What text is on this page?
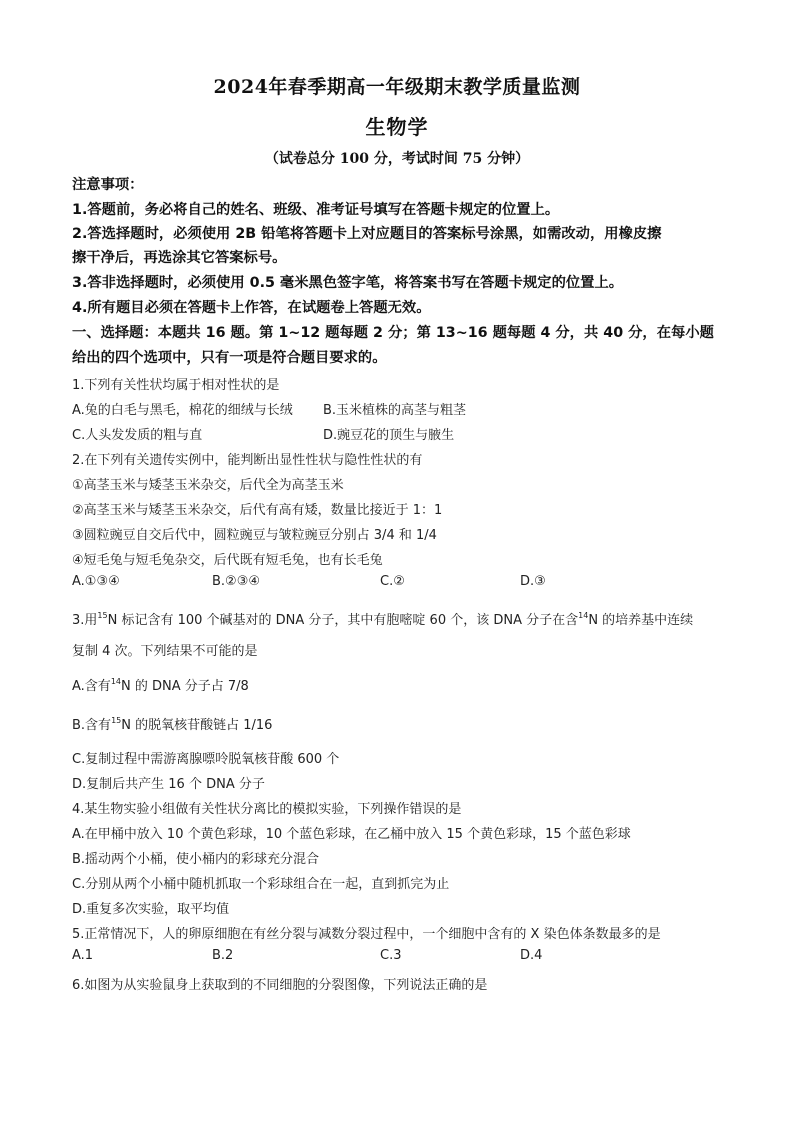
2024年春季期高一年级期末教学质量监测
生物学
（试卷总分 100 分，考试时间 75 分钟）
注意事项：
1.答题前，务必将自己的姓名、班级、准考证号填写在答题卡规定的位置上。
2.答选择题时，必须使用 2B 铅笔将答题卡上对应题目的答案标号涂黑，如需改动，用橡皮擦
擦干净后，再选涂其它答案标号。
3.答非选择题时，必须使用 0.5 毫米黑色签字笔，将答案书写在答题卡规定的位置上。
4.所有题目必须在答题卡上作答，在试题卷上答题无效。
一、选择题：本题共 16 题。第 1~12 题每题 2 分；第 13~16 题每题 4 分，共 40 分，在每小题
给出的四个选项中，只有一项是符合题目要求的。
1.下列有关性状均属于相对性状的是
A.兔的白毛与黑毛，棉花的细绒与长绒 B.玉米植株的高茎与粗茎
C.人头发发质的粗与直	D.豌豆花的顶生与腋生
2.在下列有关遗传实例中，能判断出显性性状与隐性性状的有
①高茎玉米与矮茎玉米杂交，后代全为高茎玉米
②高茎玉米与矮茎玉米杂交，后代有高有矮，数量比接近于 1：1
③圆粒豌豆自交后代中，圆粒豌豆与皱粒豌豆分别占 3/4 和 1/4
④短毛兔与短毛兔杂交，后代既有短毛兔，也有长毛兔
A.①③④	B.②③④	C.②	D.③
3.用$^{15}$N 标记含有 100 个碱基对的 DNA 分子，其中有胞嘧啶 60 个，该 DNA 分子在含$^{14}$N 的培养基中连续
复制 4 次。下列结果不可能的是
A.含有$^{14}$N 的 DNA 分子占 7/8
B.含有$^{15}$N 的脱氧核苷酸链占 1/16
C.复制过程中需游离腺嘌呤脱氧核苷酸 600 个
D.复制后共产生 16 个 DNA 分子
4.某生物实验小组做有关性状分离比的模拟实验，下列操作错误的是
A.在甲桶中放入 10 个黄色彩球，10 个蓝色彩球，在乙桶中放入 15 个黄色彩球，15 个蓝色彩球
B.摇动两个小桶，使小桶内的彩球充分混合
C.分别从两个小桶中随机抓取一个彩球组合在一起，直到抓完为止
D.重复多次实验，取平均值
5.正常情况下，人的卵原细胞在有丝分裂与减数分裂过程中，一个细胞中含有的 X 染色体条数最多的是
A.1	B.2	C.3	D.4
6.如图为从实验鼠身上获取到的不同细胞的分裂图像，下列说法正确的是
